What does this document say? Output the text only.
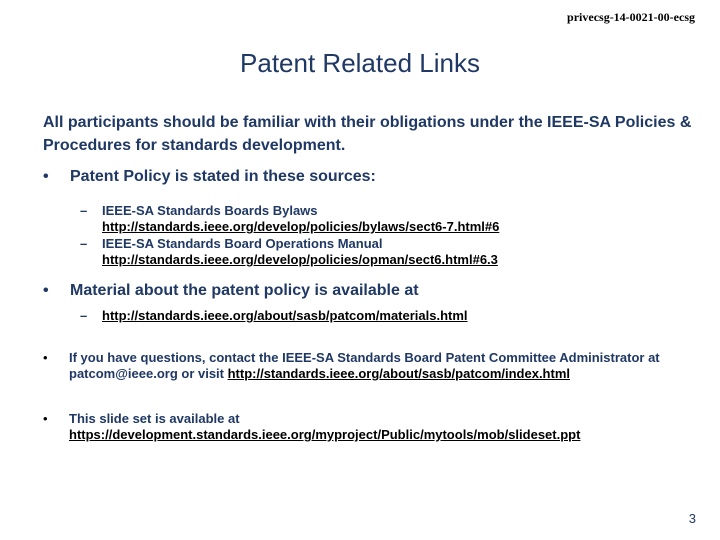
privecsg-14-0021-00-ecsg
Patent Related Links
All participants should be familiar with their obligations under the IEEE-SA Policies & Procedures for standards development.
• Patent Policy is stated in these sources:
– IEEE-SA Standards Boards Bylaws
http://standards.ieee.org/develop/policies/bylaws/sect6-7.html#6
– IEEE-SA Standards Board Operations Manual
http://standards.ieee.org/develop/policies/opman/sect6.html#6.3
• Material about the patent policy is available at
– http://standards.ieee.org/about/sasb/patcom/materials.html
• If you have questions, contact the IEEE-SA Standards Board Patent Committee Administrator at
patcom@ieee.org or visit http://standards.ieee.org/about/sasb/patcom/index.html
• This slide set is available at
https://development.standards.ieee.org/myproject/Public/mytools/mob/slideset.ppt
3
